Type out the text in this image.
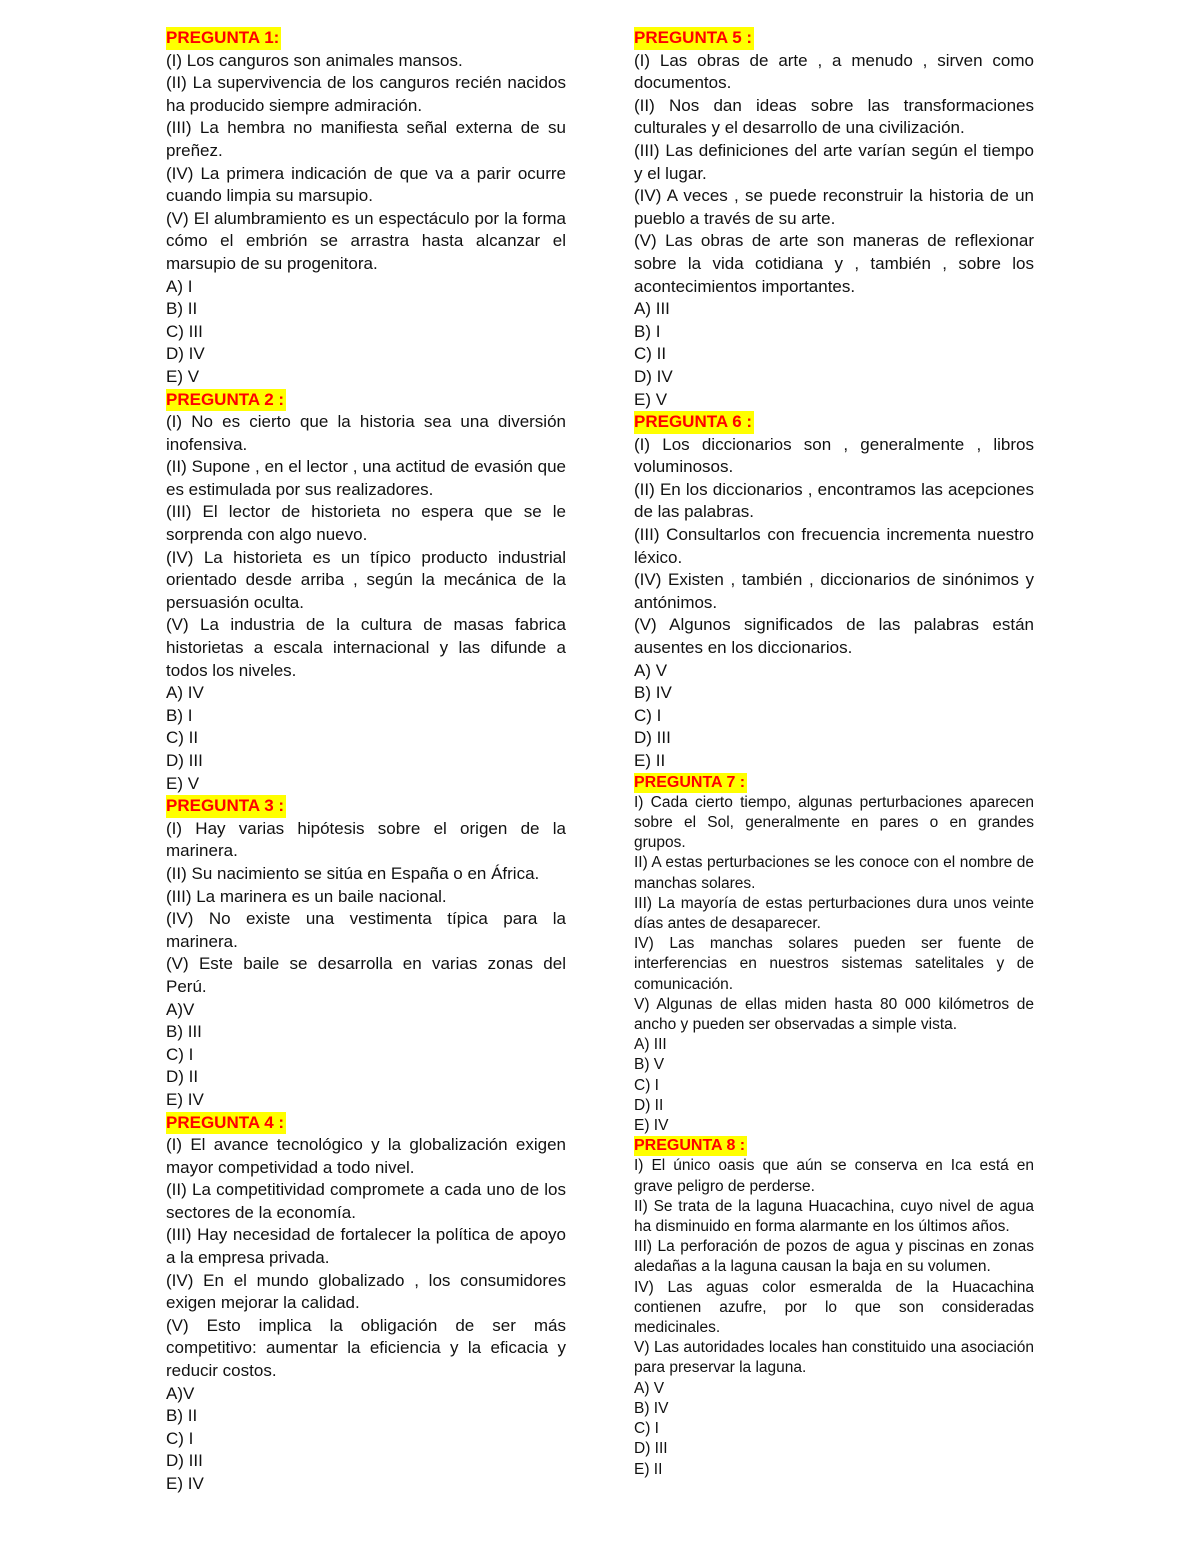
PREGUNTA 1:

(I) Los canguros son animales mansos.

(II) La supervivencia de los canguros recién nacidos ha producido siempre admiración.

(III) La hembra no manifiesta señal externa de su preñez.

(IV) La primera indicación de que va a parir ocurre cuando limpia su marsupio.

(V) El alumbramiento es un espectáculo por la forma cómo el embrión se arrastra hasta alcanzar el marsupio de su progenitora.

A) I

B) II

C) III

D) IV

E) V

PREGUNTA 2 :

(I) No es cierto que la historia sea una diversión inofensiva.

(II) Supone , en el lector , una actitud de evasión que es estimulada por sus realizadores.

(III) El lector de historieta no espera que se le sorprenda con algo nuevo.

(IV) La historieta es un típico producto industrial orientado desde arriba , según la mecánica de la persuasión oculta.

(V) La industria de la cultura de masas fabrica historietas a escala internacional y las difunde a todos los niveles.

A) IV

B) I

C) II

D) III

E) V

PREGUNTA 3 :

(I) Hay varias hipótesis sobre el origen de la marinera.

(II) Su nacimiento se sitúa en España o en África.

(III) La marinera es un baile nacional.

(IV) No existe una vestimenta típica para la marinera.

(V) Este baile se desarrolla en varias zonas del Perú.

A)V

B) III

C) I

D) II

E) IV

PREGUNTA 4 :

(I) El avance tecnológico y la globalización exigen mayor competividad a todo nivel.

(II) La competitividad compromete a cada uno de los sectores de la economía.

(III) Hay necesidad de fortalecer la política de apoyo a la empresa privada.

(IV) En el mundo globalizado , los consumidores exigen mejorar la calidad.

(V) Esto implica la obligación de ser más competitivo: aumentar la eficiencia y la eficacia y reducir costos.

A)V

B) II

C) I

D) III

E) IV

PREGUNTA 5 :

(I) Las obras de arte , a menudo , sirven como documentos.

(II) Nos dan ideas sobre las transformaciones culturales y el desarrollo de una civilización.

(III) Las definiciones del arte varían según el tiempo y el lugar.

(IV) A veces , se puede reconstruir la historia de un pueblo a través de su arte.

(V) Las obras de arte son maneras de reflexionar sobre la vida cotidiana y , también , sobre los acontecimientos importantes.

A) III

B) I

C) II

D) IV

E) V

PREGUNTA 6 :

(I) Los diccionarios son , generalmente , libros voluminosos.

(II) En los diccionarios , encontramos las acepciones de las palabras.

(III) Consultarlos con frecuencia incrementa nuestro léxico.

(IV) Existen , también , diccionarios de sinónimos y antónimos.

(V) Algunos significados de las palabras están ausentes en los diccionarios.

A) V

B) IV

C) I

D) III

E) II

PREGUNTA 7 :

I) Cada cierto tiempo, algunas perturbaciones aparecen sobre el Sol, generalmente en pares o en grandes grupos.

II) A estas perturbaciones se les conoce con el nombre de manchas solares.

III) La mayoría de estas perturbaciones dura unos veinte días antes de desaparecer.

IV) Las manchas solares pueden ser fuente de interferencias en nuestros sistemas satelitales y de comunicación.

V) Algunas de ellas miden hasta 80 000 kilómetros de ancho y pueden ser observadas a simple vista.

A) III

B) V

C) I

D) II

E) IV

PREGUNTA 8 :

I) El único oasis que aún se conserva en Ica está en grave peligro de perderse.

II) Se trata de la laguna Huacachina, cuyo nivel de agua ha disminuido en forma alarmante en los últimos años.

III) La perforación de pozos de agua y piscinas en zonas aledañas a la laguna causan la baja en su volumen.

IV) Las aguas color esmeralda de la Huacachina contienen azufre, por lo que son consideradas medicinales.

V) Las autoridades locales han constituido una asociación para preservar la laguna.

A) V

B) IV

C) I

D) III

E) II
